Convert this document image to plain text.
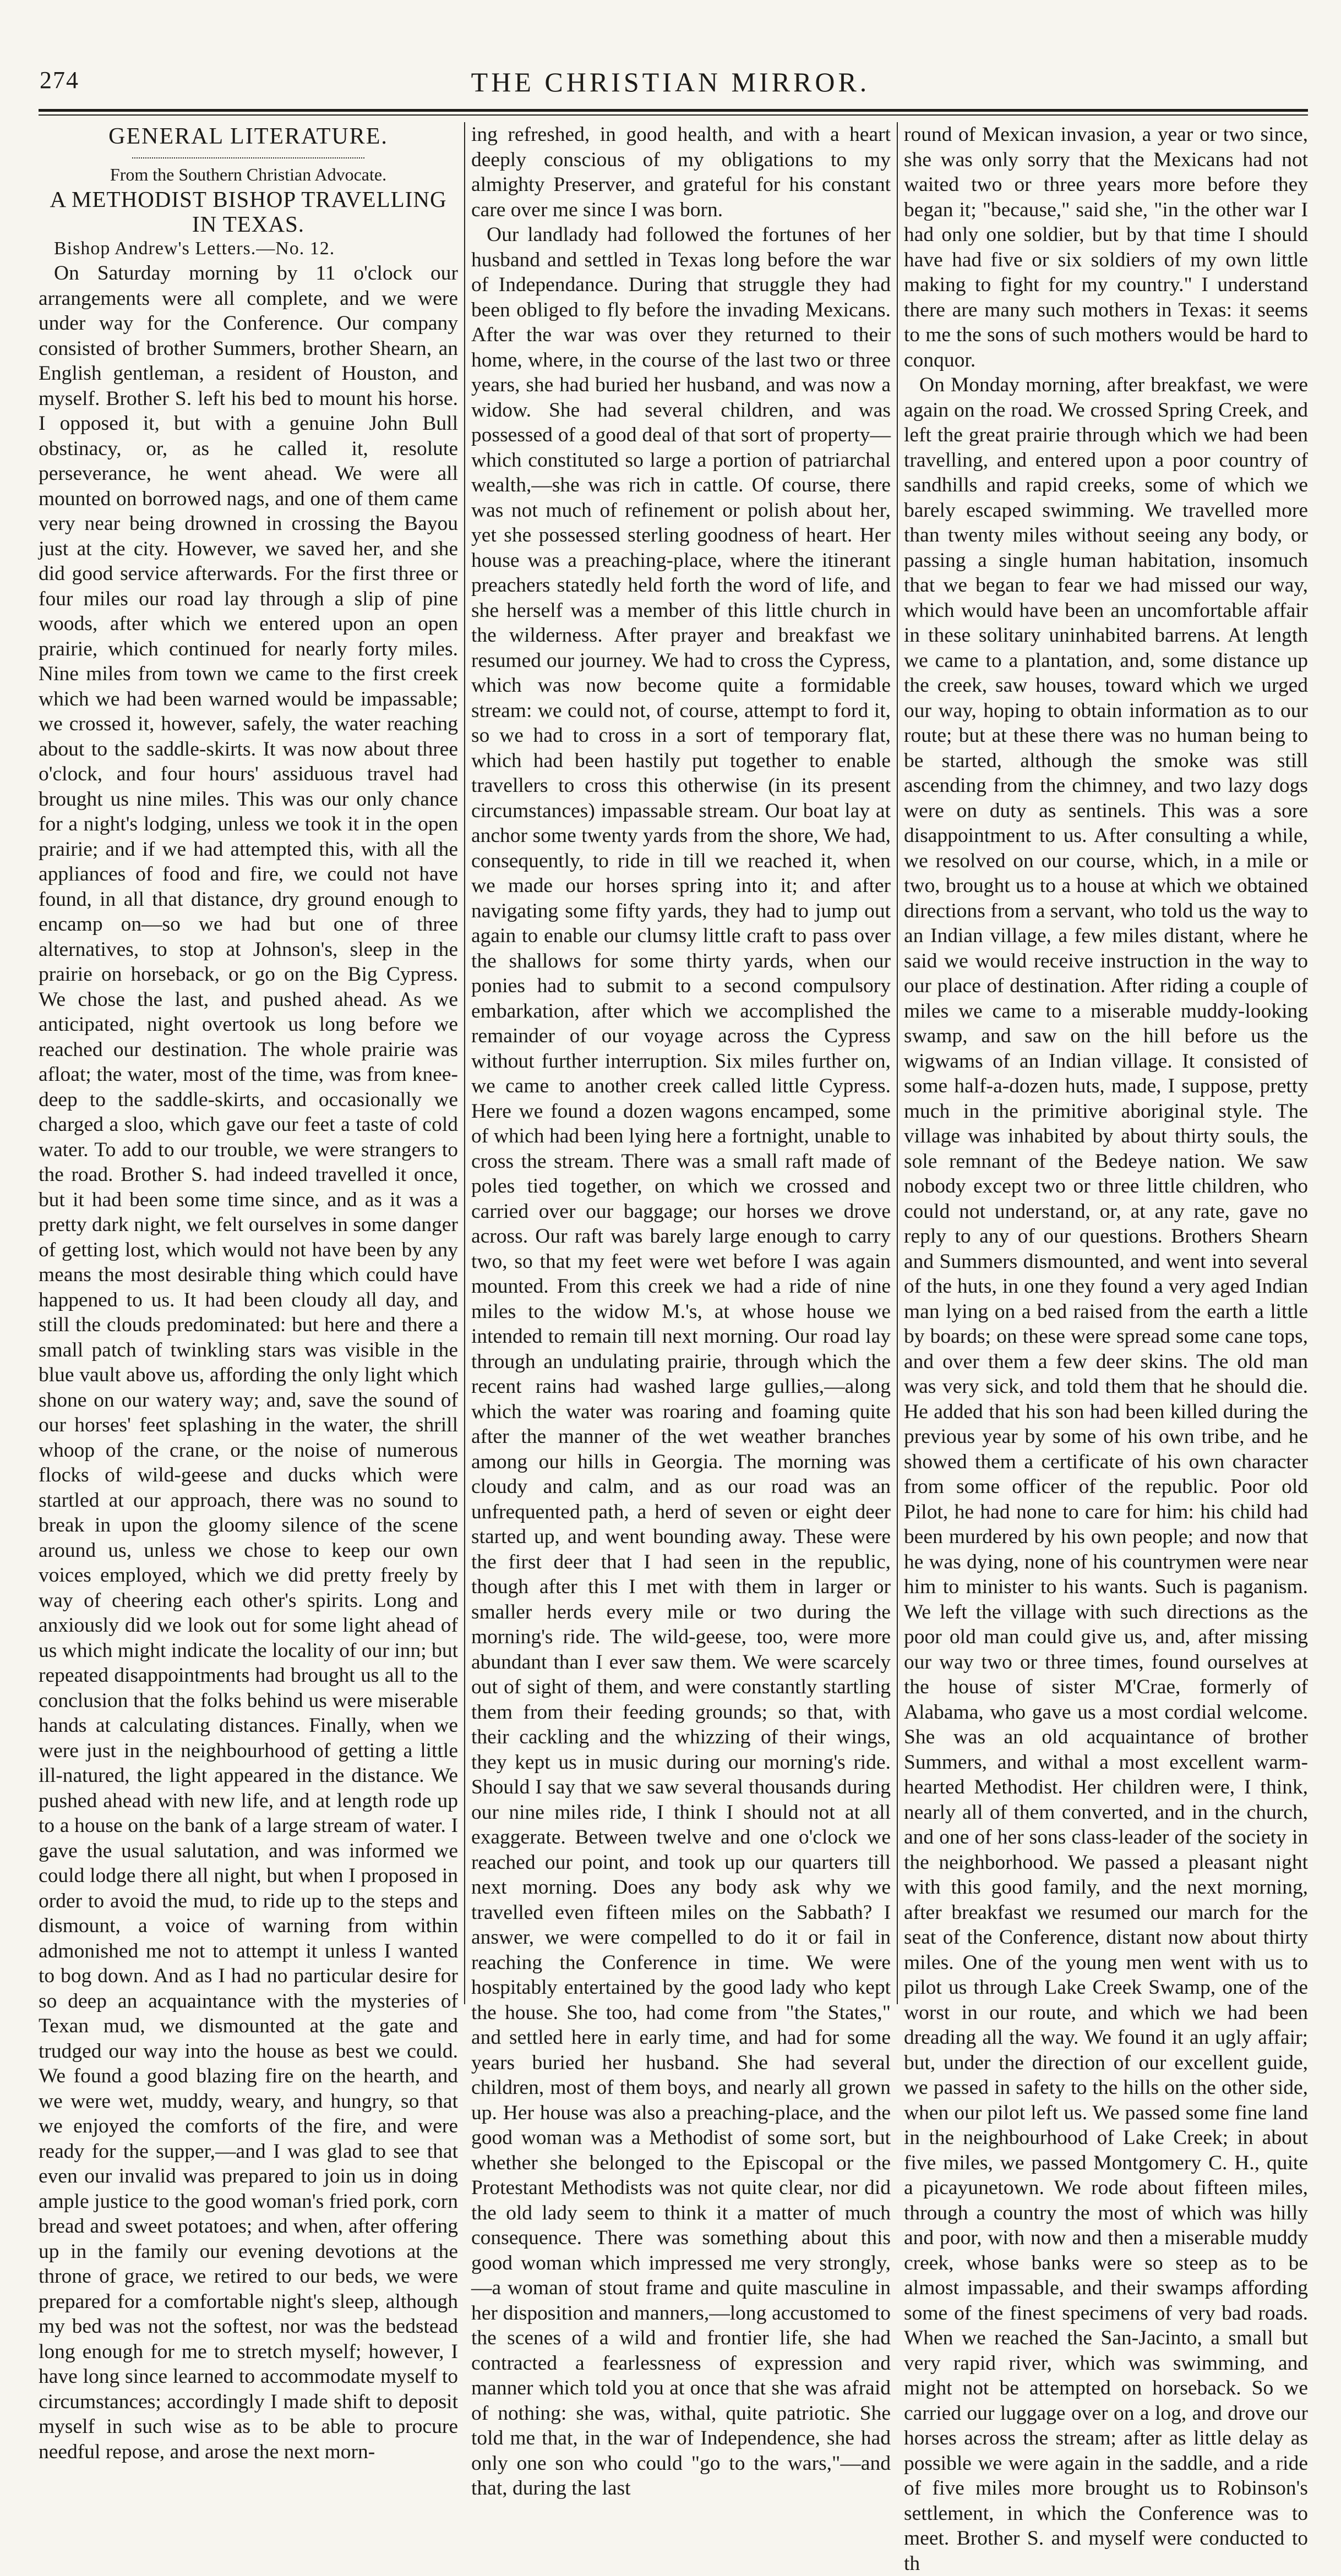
274	THE CHRISTIAN MIRROR.
GENERAL LITERATURE.
From the Southern Christian Advocate.
A METHODIST BISHOP TRAVELLING IN TEXAS.

Bishop Andrew's Letters.—No. 12.

On Saturday morning by 11 o'clock our arrangements were all complete, and we were under way for the Conference. Our company consisted of brother Summers, brother Shearn, an English gentleman, a resident of Houston, and myself. Brother S. left his bed to mount his horse. I opposed it, but with a genuine John Bull obstinacy, or, as he called it, resolute perseverance, he went ahead. We were all mounted on borrowed nags, and one of them came very near being drowned in crossing the Bayou just at the city. However, we saved her, and she did good service afterwards. For the first three or four miles our road lay through a slip of pine woods, after which we entered upon an open prairie, which continued for nearly forty miles. Nine miles from town we came to the first creek which we had been warned would be impassable; we crossed it, however, safely, the water reaching about to the saddle-skirts. It was now about three o'clock, and four hours' assiduous travel had brought us nine miles. This was our only chance for a night's lodging, unless we took it in the open prairie; and if we had attempted this, with all the appliances of food and fire, we could not have found, in all that distance, dry ground enough to encamp on—so we had but one of three alternatives, to stop at Johnson's, sleep in the prairie on horseback, or go on the Big Cypress. We chose the last, and pushed ahead. As we anticipated, night overtook us long before we reached our destination. The whole prairie was afloat; the water, most of the time, was from knee-deep to the saddle-skirts, and occasionally we charged a sloo, which gave our feet a taste of cold water. To add to our trouble, we were strangers to the road. Brother S. had indeed travelled it once, but it had been some time since, and as it was a pretty dark night, we felt ourselves in some danger of getting lost, which would not have been by any means the most desirable thing which could have happened to us. It had been cloudy all day, and still the clouds predominated: but here and there a small patch of twinkling stars was visible in the blue vault above us, affording the only light which shone on our watery way; and, save the sound of our horses' feet splashing in the water, the shrill whoop of the crane, or the noise of numerous flocks of wild-geese and ducks which were startled at our approach, there was no sound to break in upon the gloomy silence of the scene around us, unless we chose to keep our own voices employed, which we did pretty freely by way of cheering each other's spirits. Long and anxiously did we look out for some light ahead of us which might indicate the locality of our inn; but repeated disappointments had brought us all to the conclusion that the folks behind us were miserable hands at calculating distances. Finally, when we were just in the neighbourhood of getting a little ill-natured, the light appeared in the distance. We pushed ahead with new life, and at length rode up to a house on the bank of a large stream of water. I gave the usual salutation, and was informed we could lodge there all night, but when I proposed in order to avoid the mud, to ride up to the steps and dismount, a voice of warning from within admonished me not to attempt it unless I wanted to bog down. And as I had no particular desire for so deep an acquaintance with the mysteries of Texan mud, we dismounted at the gate and trudged our way into the house as best we could. We found a good blazing fire on the hearth, and we were wet, muddy, weary, and hungry, so that we enjoyed the comforts of the fire, and were ready for the supper,—and I was glad to see that even our invalid was prepared to join us in doing ample justice to the good woman's fried pork, corn bread and sweet potatoes; and when, after offering up in the family our evening devotions at the throne of grace, we retired to our beds, we were prepared for a comfortable night's sleep, although my bed was not the softest, nor was the bedstead long enough for me to stretch myself; however, I have long since learned to accommodate myself to circumstances; accordingly I made shift to deposit myself in such wise as to be able to procure needful repose, and arose the next morn-

ing refreshed, in good health, and with a heart deeply conscious of my obligations to my almighty Preserver, and grateful for his constant care over me since I was born.

Our landlady had followed the fortunes of her husband and settled in Texas long before the war of Independance. During that struggle they had been obliged to fly before the invading Mexicans. After the war was over they returned to their home, where, in the course of the last two or three years, she had buried her husband, and was now a widow. She had several children, and was possessed of a good deal of that sort of property—which constituted so large a portion of patriarchal wealth,—she was rich in cattle. Of course, there was not much of refinement or polish about her, yet she possessed sterling goodness of heart. Her house was a preaching-place, where the itinerant preachers statedly held forth the word of life, and she herself was a member of this little church in the wilderness. After prayer and breakfast we resumed our journey. We had to cross the Cypress, which was now become quite a formidable stream: we could not, of course, attempt to ford it, so we had to cross in a sort of temporary flat, which had been hastily put together to enable travellers to cross this otherwise (in its present circumstances) impassable stream. Our boat lay at anchor some twenty yards from the shore, We had, consequently, to ride in till we reached it, when we made our horses spring into it; and after navigating some fifty yards, they had to jump out again to enable our clumsy little craft to pass over the shallows for some thirty yards, when our ponies had to submit to a second compulsory embarkation, after which we accomplished the remainder of our voyage across the Cypress without further interruption. Six miles further on, we came to another creek called little Cypress. Here we found a dozen wagons encamped, some of which had been lying here a fortnight, unable to cross the stream. There was a small raft made of poles tied together, on which we crossed and carried over our baggage; our horses we drove across. Our raft was barely large enough to carry two, so that my feet were wet before I was again mounted. From this creek we had a ride of nine miles to the widow M.'s, at whose house we intended to remain till next morning. Our road lay through an undulating prairie, through which the recent rains had washed large gullies,—along which the water was roaring and foaming quite after the manner of the wet weather branches among our hills in Georgia. The morning was cloudy and calm, and as our road was an unfrequented path, a herd of seven or eight deer started up, and went bounding away. These were the first deer that I had seen in the republic, though after this I met with them in larger or smaller herds every mile or two during the morning's ride. The wild-geese, too, were more abundant than I ever saw them. We were scarcely out of sight of them, and were constantly startling them from their feeding grounds; so that, with their cackling and the whizzing of their wings, they kept us in music during our morning's ride. Should I say that we saw several thousands during our nine miles ride, I think I should not at all exaggerate. Between twelve and one o'clock we reached our point, and took up our quarters till next morning. Does any body ask why we travelled even fifteen miles on the Sabbath? I answer, we were compelled to do it or fail in reaching the Conference in time. We were hospitably entertained by the good lady who kept the house. She too, had come from "the States," and settled here in early time, and had for some years buried her husband. She had several children, most of them boys, and nearly all grown up. Her house was also a preaching-place, and the good woman was a Methodist of some sort, but whether she belonged to the Episcopal or the Protestant Methodists was not quite clear, nor did the old lady seem to think it a matter of much consequence. There was something about this good woman which impressed me very strongly,—a woman of stout frame and quite masculine in her disposition and manners,—long accustomed to the scenes of a wild and frontier life, she had contracted a fearlessness of expression and manner which told you at once that she was afraid of nothing: she was, withal, quite patriotic. She told me that, in the war of Independence, she had only one son who could "go to the wars,"—and that, during the last

round of Mexican invasion, a year or two since, she was only sorry that the Mexicans had not waited two or three years more before they began it; "because," said she, "in the other war I had only one soldier, but by that time I should have had five or six soldiers of my own little making to fight for my country." I understand there are many such mothers in Texas: it seems to me the sons of such mothers would be hard to conquor.

On Monday morning, after breakfast, we were again on the road. We crossed Spring Creek, and left the great prairie through which we had been travelling, and entered upon a poor country of sandhills and rapid creeks, some of which we barely escaped swimming. We travelled more than twenty miles without seeing any body, or passing a single human habitation, insomuch that we began to fear we had missed our way, which would have been an uncomfortable affair in these solitary uninhabited barrens. At length we came to a plantation, and, some distance up the creek, saw houses, toward which we urged our way, hoping to obtain information as to our route; but at these there was no human being to be started, although the smoke was still ascending from the chimney, and two lazy dogs were on duty as sentinels. This was a sore disappointment to us. After consulting a while, we resolved on our course, which, in a mile or two, brought us to a house at which we obtained directions from a servant, who told us the way to an Indian village, a few miles distant, where he said we would receive instruction in the way to our place of destination. After riding a couple of miles we came to a miserable muddy-looking swamp, and saw on the hill before us the wigwams of an Indian village. It consisted of some half-a-dozen huts, made, I suppose, pretty much in the primitive aboriginal style. The village was inhabited by about thirty souls, the sole remnant of the Bedeye nation. We saw nobody except two or three little children, who could not understand, or, at any rate, gave no reply to any of our questions. Brothers Shearn and Summers dismounted, and went into several of the huts, in one they found a very aged Indian man lying on a bed raised from the earth a little by boards; on these were spread some cane tops, and over them a few deer skins. The old man was very sick, and told them that he should die. He added that his son had been killed during the previous year by some of his own tribe, and he showed them a certificate of his own character from some officer of the republic. Poor old Pilot, he had none to care for him: his child had been murdered by his own people; and now that he was dying, none of his countrymen were near him to minister to his wants. Such is paganism. We left the village with such directions as the poor old man could give us, and, after missing our way two or three times, found ourselves at the house of sister M'Crae, formerly of Alabama, who gave us a most cordial welcome. She was an old acquaintance of brother Summers, and withal a most excellent warm-hearted Methodist. Her children were, I think, nearly all of them converted, and in the church, and one of her sons class-leader of the society in the neighborhood. We passed a pleasant night with this good family, and the next morning, after breakfast we resumed our march for the seat of the Conference, distant now about thirty miles. One of the young men went with us to pilot us through Lake Creek Swamp, one of the worst in our route, and which we had been dreading all the way. We found it an ugly affair; but, under the direction of our excellent guide, we passed in safety to the hills on the other side, when our pilot left us. We passed some fine land in the neighbourhood of Lake Creek; in about five miles, we passed Montgomery C. H., quite a picayunetown. We rode about fifteen miles, through a country the most of which was hilly and poor, with now and then a miserable muddy creek, whose banks were so steep as to be almost impassable, and their swamps affording some of the finest specimens of very bad roads. When we reached the San-Jacinto, a small but very rapid river, which was swimming, and might not be attempted on horseback. So we carried our luggage over on a log, and drove our horses across the stream; after as little delay as possible we were again in the saddle, and a ride of five miles more brought us to Robinson's settlement, in which the Conference was to meet. Brother S. and myself were conducted to th
